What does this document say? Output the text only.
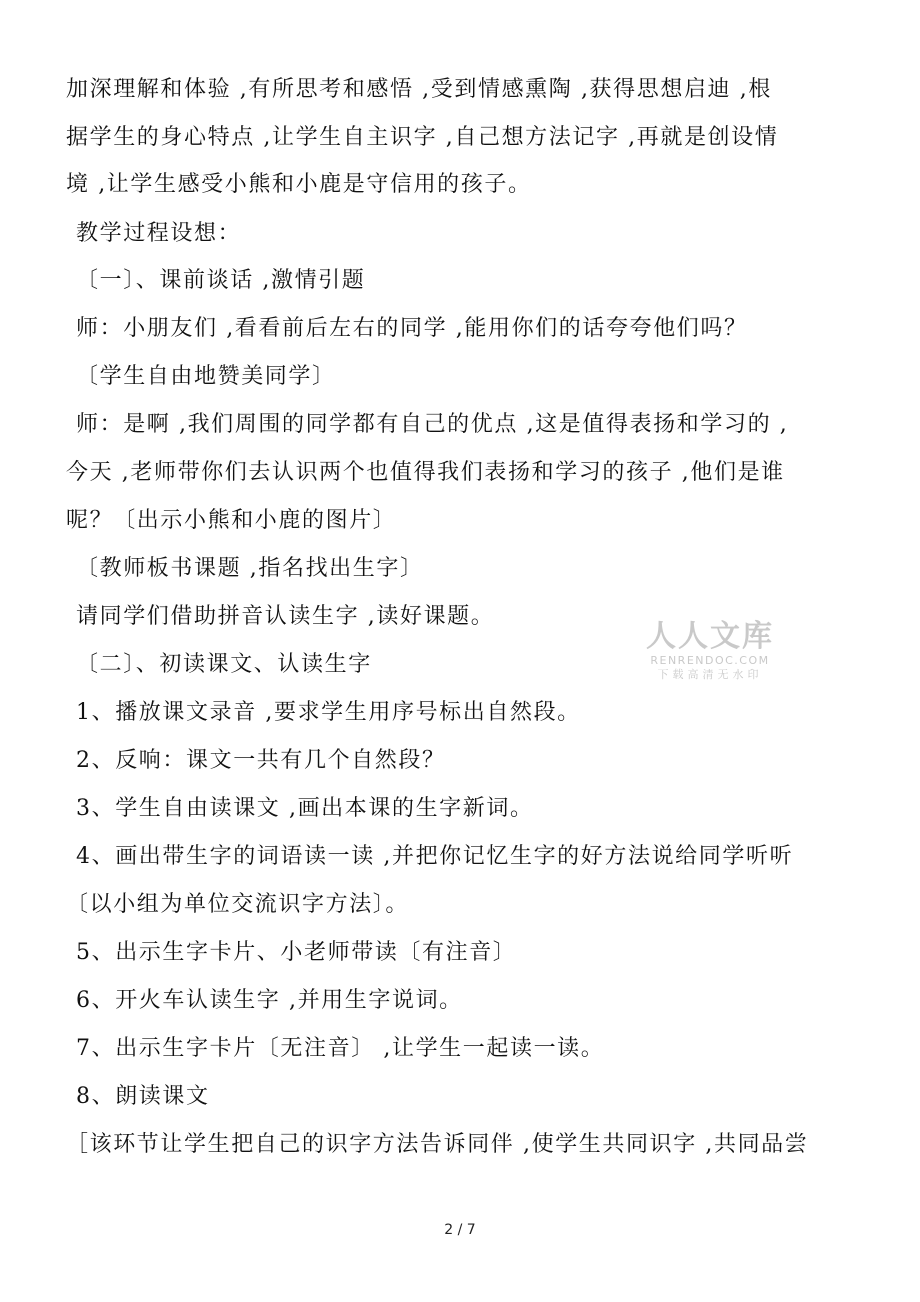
加深理解和体验 ,有所思考和感悟 ,受到情感熏陶 ,获得思想启迪 ,根
据学生的身心特点 ,让学生自主识字 ,自己想方法记字 ,再就是创设情
境 ,让学生感受小熊和小鹿是守信用的孩子。
教学过程设想：
〔一〕、课前谈话 ,激情引题
师：小朋友们 ,看看前后左右的同学 ,能用你们的话夸夸他们吗？
〔学生自由地赞美同学〕
师：是啊 ,我们周围的同学都有自己的优点 ,这是值得表扬和学习的 ,
今天 ,老师带你们去认识两个也值得我们表扬和学习的孩子 ,他们是谁
呢？〔出示小熊和小鹿的图片〕
〔教师板书课题 ,指名找出生字〕
请同学们借助拼音认读生字 ,读好课题。
〔二〕、初读课文、认读生字
1、播放课文录音 ,要求学生用序号标出自然段。
2、反响：课文一共有几个自然段？
3、学生自由读课文 ,画出本课的生字新词。
4、画出带生字的词语读一读 ,并把你记忆生字的好方法说给同学听听
〔以小组为单位交流识字方法〕。
5、出示生字卡片、小老师带读〔有注音〕
6、开火车认读生字 ,并用生字说词。
7、出示生字卡片〔无注音〕 ,让学生一起读一读。
8、朗读课文
［该环节让学生把自己的识字方法告诉同伴 ,使学生共同识字 ,共同品尝
人人文库
RENRENDOC.COM
下载高清无水印
2 / 7
